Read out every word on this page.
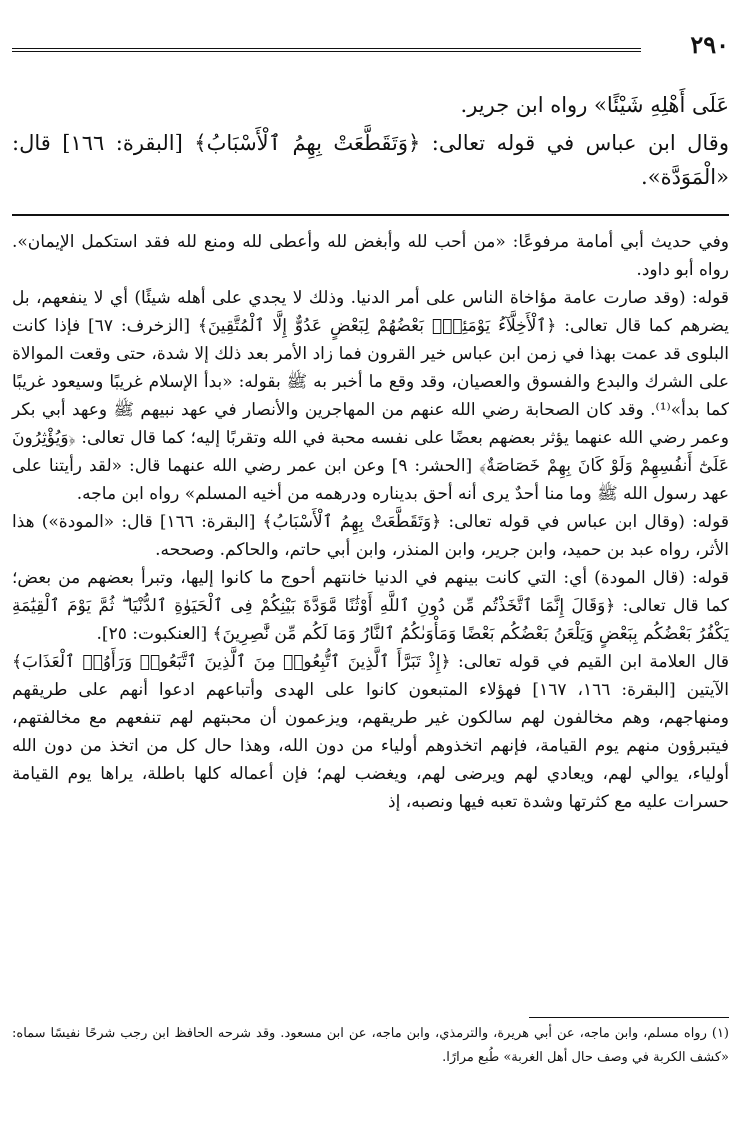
٢٩٠

عَلَى أَهْلِهِ شَيْئًا» رواه ابن جرير.

وقال ابن عباس في قوله تعالى: ﴿وَتَقَطَّعَتْ بِهِمُ ٱلْأَسْبَابُ﴾ [البقرة: ١٦٦] قال: «الْمَوَدَّة».

وفي حديث أبي أمامة مرفوعًا: «من أحب لله وأبغض لله وأعطى لله ومنع لله فقد استكمل الإيمان». رواه أبو داود.

قوله: (وقد صارت عامة مؤاخاة الناس على أمر الدنيا. وذلك لا يجدي على أهله شيئًا) أي لا ينفعهم، بل يضرهم كما قال تعالى: ﴿ٱلْأَخِلَّآءُ يَوْمَئِذٍۭ بَعْضُهُمْ لِبَعْضٍ عَدُوٌّ إِلَّا ٱلْمُتَّقِينَ﴾ [الزخرف: ٦٧] فإذا كانت البلوى قد عمت بهذا في زمن ابن عباس خير القرون فما زاد الأمر بعد ذلك إلا شدة، حتى وقعت الموالاة على الشرك والبدع والفسوق والعصيان، وقد وقع ما أخبر به ﷺ بقوله: «بدأ الإسلام غريبًا وسيعود غريبًا كما بدأ»⁽¹⁾. وقد كان الصحابة رضي الله عنهم من المهاجرين والأنصار في عهد نبيهم ﷺ وعهد أبي بكر وعمر رضي الله عنهما يؤثر بعضهم بعضًا على نفسه محبة في الله وتقربًا إليه؛ كما قال تعالى: ﴿وَيُؤْثِرُونَ عَلَىٰٓ أَنفُسِهِمْ وَلَوْ كَانَ بِهِمْ خَصَاصَةٌ﴾ [الحشر: ٩] وعن ابن عمر رضي الله عنهما قال: «لقد رأيتنا على عهد رسول الله ﷺ وما منا أحدٌ يرى أنه أحق بديناره ودرهمه من أخيه المسلم» رواه ابن ماجه.

قوله: (وقال ابن عباس في قوله تعالى: ﴿وَتَقَطَّعَتْ بِهِمُ ٱلْأَسْبَابُ﴾ [البقرة: ١٦٦] قال: «المودة») هذا الأثر، رواه عبد بن حميد، وابن جرير، وابن المنذر، وابن أبي حاتم، والحاكم. وصححه.

قوله: (قال المودة) أي: التي كانت بينهم في الدنيا خانتهم أحوج ما كانوا إليها، وتبرأ بعضهم من بعض؛ كما قال تعالى: ﴿وَقَالَ إِنَّمَا ٱتَّخَذْتُم مِّن دُونِ ٱللَّهِ أَوْثَٰنًا مَّوَدَّةَ بَيْنِكُمْ فِى ٱلْحَيَوٰةِ ٱلدُّنْيَا ۖ ثُمَّ يَوْمَ ٱلْقِيَٰمَةِ يَكْفُرُ بَعْضُكُم بِبَعْضٍ وَيَلْعَنُ بَعْضُكُم بَعْضًا وَمَأْوَىٰكُمُ ٱلنَّارُ وَمَا لَكُم مِّن نَّٰصِرِينَ﴾ [العنكبوت: ٢٥].

قال العلامة ابن القيم في قوله تعالى: ﴿إِذْ تَبَرَّأَ ٱلَّذِينَ ٱتُّبِعُوا۟ مِنَ ٱلَّذِينَ ٱتَّبَعُوا۟ وَرَأَوُا۟ ٱلْعَذَابَ﴾ الآيتين [البقرة: ١٦٦، ١٦٧] فهؤلاء المتبعون كانوا على الهدى وأتباعهم ادعوا أنهم على طريقهم ومنهاجهم، وهم مخالفون لهم سالكون غير طريقهم، ويزعمون أن محبتهم لهم تنفعهم مع مخالفتهم، فيتبرؤون منهم يوم القيامة، فإنهم اتخذوهم أولياء من دون الله، وهذا حال كل من اتخذ من دون الله أولياء، يوالي لهم، ويعادي لهم ويرضى لهم، ويغضب لهم؛ فإن أعماله كلها باطلة، يراها يوم القيامة حسرات عليه مع كثرتها وشدة تعبه فيها ونصبه، إذ

(١) رواه مسلم، وابن ماجه، عن أبي هريرة، والترمذي، وابن ماجه، عن ابن مسعود. وقد شرحه الحافظ ابن رجب شرحًا نفيسًا سماه: «كشف الكربة في وصف حال أهل الغربة» طُبع مرارًا.
